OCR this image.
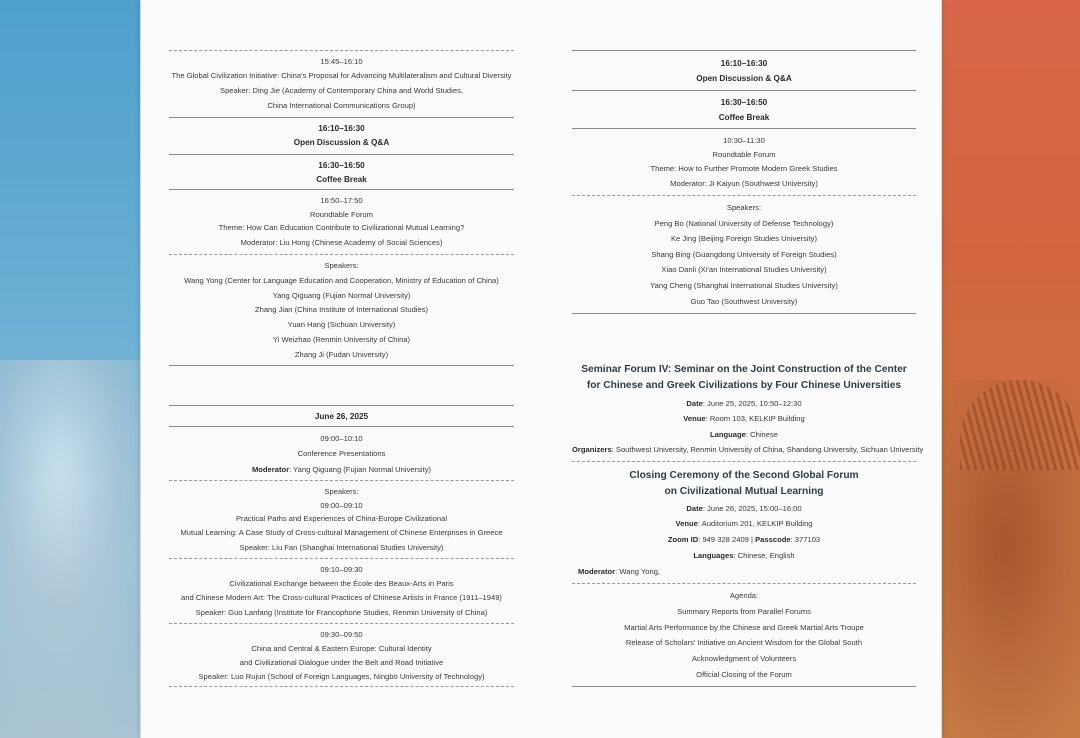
15:45–16:10
The Global Civilization Initiative: China's Proposal for Advancing Multilateralism and Cultural Diversity
Speaker: Ding Jie (Academy of Contemporary China and World Studies,
China International Communications Group)
16:10–16:30
Open Discussion & Q&A
16:30–16:50
Coffee Break
16:50–17:50
Roundtable Forum
Theme: How Can Education Contribute to Civilizational Mutual Learning?
Moderator: Liu Hong (Chinese Academy of Social Sciences)
Speakers:
Wang Yong (Center for Language Education and Cooperation, Ministry of Education of China)
Yang Qiguang (Fujian Normal University)
Zhang Jian (China Institute of International Studies)
Yuan Hang (Sichuan University)
Yi Weizhao (Renmin University of China)
Zhang Ji (Fudan University)
June 26, 2025
09:00–10:10
Conference Presentations
Moderator: Yang Qiguang (Fujian Normal University)
Speakers:
09:00–09:10
Practical Paths and Experiences of China-Europe Civilizational
Mutual Learning: A Case Study of Cross-cultural Management of Chinese Enterprises in Greece
Speaker: Liu Fan (Shanghai International Studies University)
09:10–09:30
Civilizational Exchange between the École des Beaux-Arts in Paris
and Chinese Modern Art: The Cross-cultural Practices of Chinese Artists in France (1911–1949)
Speaker: Guo Lanfang (Institute for Francophone Studies, Renmin University of China)
09:30–09:50
China and Central & Eastern Europe: Cultural Identity
and Civilizational Dialogue under the Belt and Road Initiative
Speaker: Luo Rujun (School of Foreign Languages, Ningbo University of Technology)
16:10–16:30
Open Discussion & Q&A
16:30–16:50
Coffee Break
10:30–11:30
Roundtable Forum
Theme: How to Further Promote Modern Greek Studies
Moderator: Ji Kaiyun (Southwest University)
Speakers:
Peng Bo (National University of Defense Technology)
Ke Jing (Beijing Foreign Studies University)
Shang Bing (Guangdong University of Foreign Studies)
Xiao Danli (Xi'an International Studies University)
Yang Cheng (Shanghai International Studies University)
Guo Tao (Southwest University)
Seminar Forum IV: Seminar on the Joint Construction of the Center
for Chinese and Greek Civilizations by Four Chinese Universities
Date: June 25, 2025, 10:50–12:30
Venue: Room 103, KELKIP Building
Language: Chinese
Organizers: Southwest University, Renmin University of China, Shandong University, Sichuan University
Closing Ceremony of the Second Global Forum
on Civilizational Mutual Learning
Date: June 26, 2025, 15:00–16:00
Venue: Auditorium 201, KELKIP Building
Zoom ID: 949 328 2409 | Passcode: 377103
Languages: Chinese, English
Moderator: Wang Yong,
Agenda:
Summary Reports from Parallel Forums
Martial Arts Performance by the Chinese and Greek Martial Arts Troupe
Release of Scholars' Initiative on Ancient Wisdom for the Global South
Acknowledgment of Volunteers
Official Closing of the Forum
